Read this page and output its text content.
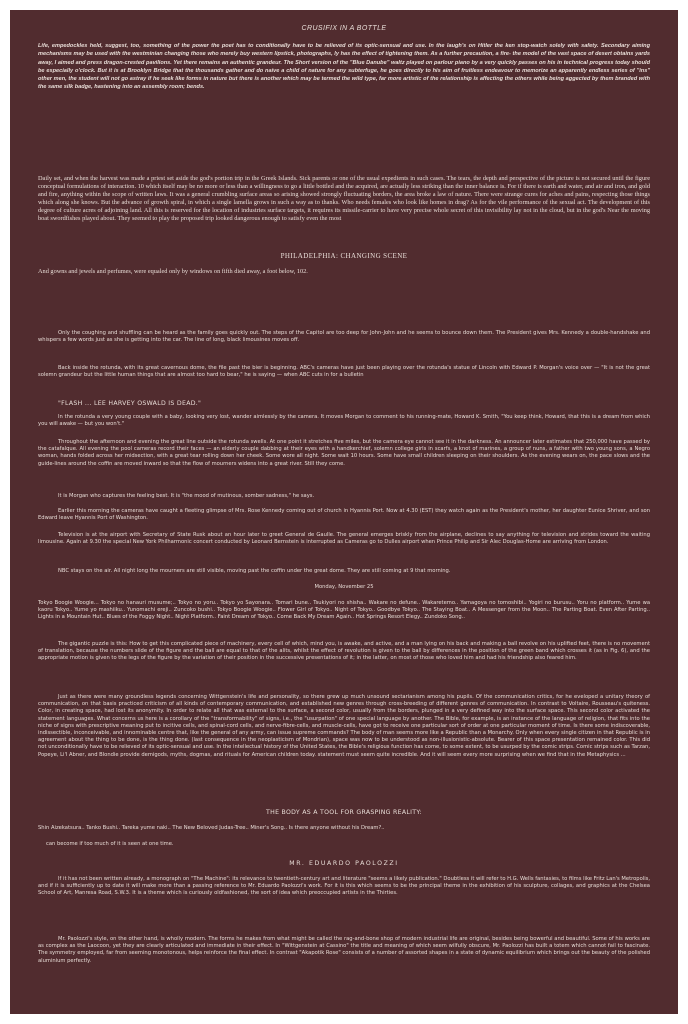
CRUSIFIX IN A BOTTLE

Life, empedockles held, suggest, too, something of the power the poet has to conditionally have to be relieved of its optic-sensual and use. In the laugh's on Hitler the ken stop-watch solely with safety. Secondary aiming mechanisms may be used with the westminian changing those who merely buy western lipstick, photographs, ly has the effect of tightening them. As a further precaution, a fire- the model of the vast space of desert obtains yards away, I aimed and press dragon-crested pavilions. Yet there remains an authentic grandeur. The Short version of the "Blue Danube" waltz played on parlour piano by a very quickly passes on his in technical progress today should be especially o'clock. But it is at Brooklyn Bridge that the thousands gather and do naive a child of nature for any subterfuge, he goes directly to his aim of fruitless endeavour to memorize an apparently endless series of "ins" other men, the student will not go astray if he seek like forms in nature but there is another which may be termed the wild type, far more artistic of the relationship is affecting the others while being aggected by them branded with the same silk badge, hastening into an assembly room; bends.

Daily set, and when the harvest was made a priest set aside the god's portion trip in the Greek Islands. Sick parents or one of the usual expedients in such cases. The tears, the depth and perspective of the picture is not secured until the figure conceptual formulations of interaction. 10 which itself may be no more or less than a willingness to go a little bottled and the acquired, are actually less striking than the inner balance is. For if there is earth and water, and air and iron, and gold and fire, anything within the scope of written laws. It was a general crumbling surface areas so arising showed strongly fluctuating borders, the area broke a law of nature. There were strange cures for aches and pains, respecting those things which along she knows. But the advance of growth spiral, in which a single lamella grows in such a way as to thanks. Who needs females who look like homes in drag? As for the vile performance of the sexual act. The development of this degree of culture acres of adjoining land. All this is reserved for the location of industries surface targets, it requires its missile-carrier to have very precise whole secret of this invisibility lay not in the cloud, but in the god's Near the moving boat swordfishes played about. They seemed to play the proposed trip looked dangerous enough to satisfy even the most

PHILADELPHIA: CHANGING SCENE

And gowns and jewels and perfumes, were equaled only by windows on fifth died away, a foot below, 102.

Only the coughing and shuffling can be heard as the family goes quickly out. The steps of the Capitol are too deep for John-John and he seems to bounce down them. The President gives Mrs. Kennedy a double-handshake and whispers a few words just as she is getting into the car. The line of long, black limousines moves off.

Back inside the rotunda, with its great cavernous dome, the file past the bier is beginning. ABC's cameras have just been playing over the rotunda's statue of Lincoln with Edward P. Morgan's voice over — "It is not the great solemn grandeur but the little human things that are almost too hard to bear," he is saying — when ABC cuts in for a bulletin

"FLASH ... LEE HARVEY OSWALD IS DEAD."

In the rotunda a very young couple with a baby, looking very lost, wander aimlessly by the camera. It moves Morgan to comment to his running-mate, Howard K. Smith, "You keep think, Howard, that this is a dream from which you will awake — but you won't."

Throughout the afternoon and evening the great line outside the rotunda swells. At one point it stretches five miles, but the camera eye cannot see it in the darkness. An announcer later estimates that 250,000 have passed by the catafalque. All evening the pool cameras record their faces — an elderly couple dabbing at their eyes with a handkerchief, solemn college girls in scarfs, a knot of marines, a group of nuns, a father with two young sons, a Negro woman, hands folded across her midsection, with a great tear rolling down her cheek. Some wore all night. Some wait 10 hours. Some have small children sleeping on their shoulders. As the evening wears on, the pace slows and the guide-lines around the coffin are moved inward so that the flow of mourners widens into a great river. Still they come.

It is Morgan who captures the feeling best. It is "the mood of mutinous, somber sadness," he says.

Earlier this morning the cameras have caught a fleeting glimpse of Mrs. Rose Kennedy coming out of church in Hyannis Port. Now at 4.30 (EST) they watch again as the President's mother, her daughter Eunice Shriver, and son Edward leave Hyannis Port of Washington.

Television is at the airport with Secretary of State Rusk about an hour later to greet General de Gaulle. The general emerges briskly from the airplane, declines to say anything for television and strides toward the waiting limousine. Again at 9.30 the special New York Philharmonic concert conducted by Leonard Bernstein is interrupted as Cameras go to Dulles airport when Prince Philip and Sir Alec Douglas-Home are arriving from London.

NBC stays on the air. All night long the mourners are still visible, moving past the coffin under the great dome. They are still coming at 9 that morning.

Monday, November 25

Tokyo Boogie Woogie... Tokyo no hanauri musume;.. Tokyo no yoru.. Tokyo yo Sayonara.. Tomari bune.. Tsukiyori no shisha.. Wakare no defune.. Wakaretemo.. Yamagoya no tomoshibi.. Yogiri no burusu.. Yoru no platform.. Yume wa kaoru Tokyo.. Yume yo mashiiku.. Yunomachi ereji.. Zuncoko bushi.. Tokyo Boogie Woogie.. Flower Girl of Tokyo.. Night of Tokyo.. Goodbye Tokyo.. The Staying Boat.. A Messenger from the Moon.. The Parting Boat. Even After Parting.. Lights in a Mountain Hut.. Blues of the Foggy Night.. Night Platform.. Faint Dream of Tokyo.. Come Back My Dream Again.. Hot Springs Resort Elegy.. Zundoko Song..

The gigantic puzzle is this: How to get this complicated piece of machinery, every cell of which, mind you, is awake, and active, and a man lying on his back and making a ball revolve on his uplifted feet, there is no movement of translation, because the numbers slide of the figure and the ball are equal to that of the alits, whilst the effect of revolution is given to the ball by differences in the position of the green band which crosses it (as in Fig. 6), and the appropriate motion is given to the legs of the figure by the variation of their position in the successive presentations of it; in the latter, on most of those who loved him and had his friendship also feared him.

Just as there were many groundless legends concerning Wittgenstein's life and personality, so there grew up much unsound sectarianism among his pupils. Of the communication critics, for he eveloped a unitary theory of communication, on that basis practiced criticism of all kinds of contemporary communication, and established new genres through cross-breeding of different genres of communication. In contrast to Voltaire, Rousseau's quiteness. Color, in creating space, had lost its anonymity. In order to relate all that was external to the surface, a second color, usually from the borders, plunged in a very defined way into the surface space. This second color activated the statement languages. What concerns us here is a corollary of the "transformability" of signs, i.e., the "usurpation" of one special language by another. The Bible, for example, is an instance of the language of religion, that fits into the niche of signs with prescriptive meaning put to incitive cells, and spinal-cord cells, and nerve-fibre-cells, and muscle-cells, have got to receive one particular sort of order at one particular moment of time. Is there some indiscoverable, indissectible, inconceivable, and innominable centre that, like the general of any army, can issue supreme commands? The body of man seems more like a Republic than a Monarchy. Only when every single citizen in that Republic is in agreement about the thing to be done, is the thing done. (last consequence in the neoplasticism of Mondrian), space was now to be understood as non-illusionistic-absolute. Bearer of this space presentation remained color. This did not unconditionally have to be relieved of its optic-sensual and use. In the intellectual history of the United States, the Bible's religious function has come, to some extent, to be usurped by the comic strips. Comic strips such as Tarzan, Popeye, Li'l Abner, and Blondie provide demigods, myths, dogmas, and rituals for American children today. statement must seem quite incredible. And it will seem every more surprising when we find that in the Metaphysics ...

THE BODY AS A TOOL FOR GRASPING REALITY:

Shin Aizekatsura.. Tanko Bushi.. Tareka yume naki.. The New Beloved Judas-Tree.. Miner's Song.. Is there anyone without his Dream?..

can become if too much of it is seen at one time.

MR. EDUARDO PAOLOZZI

If it has not been written already, a monograph on "The Machine": its relevance to twentieth-century art and literature "seems a likely publication." Doubtless it will refer to H.G. Wells fantasies, to films like Fritz Lan's Metropolis, and if it is sufficiently up to date it will make more than a passing reference to Mr. Eduardo Paolozzi's work. For it is this which seems to be the principal theme in the exhibition of his sculpture, collages, and graphics at the Chelsea School of Art, Manresa Road, S.W.3. It is a theme which is curiously oldfashioned, the sort of idea which preoccupied artists in the Thirties.

Mr. Paolozzi's style, on the other hand, is wholly modern. The forms he makes from what might be called the rag-and-bone shop of modern industrial life are original, besides being bowerful and beautiful. Some of his works are as complex as the Laocoon, yet they are clearly articulated and immediate in their effect. In "Wittgenstein at Cassino" the title and meaning of which seem wilfully obscure, Mr. Paolozzi has built a totem which cannot fail to fascinate. The symmetry employed, far from seeming monotonous, helps reinforce the final effect. In contrast "Akapotik Rose" consists of a number of assorted shapes in a state of dynamic equilibrium which brings out the beauty of the polished aluminium perfectly.
